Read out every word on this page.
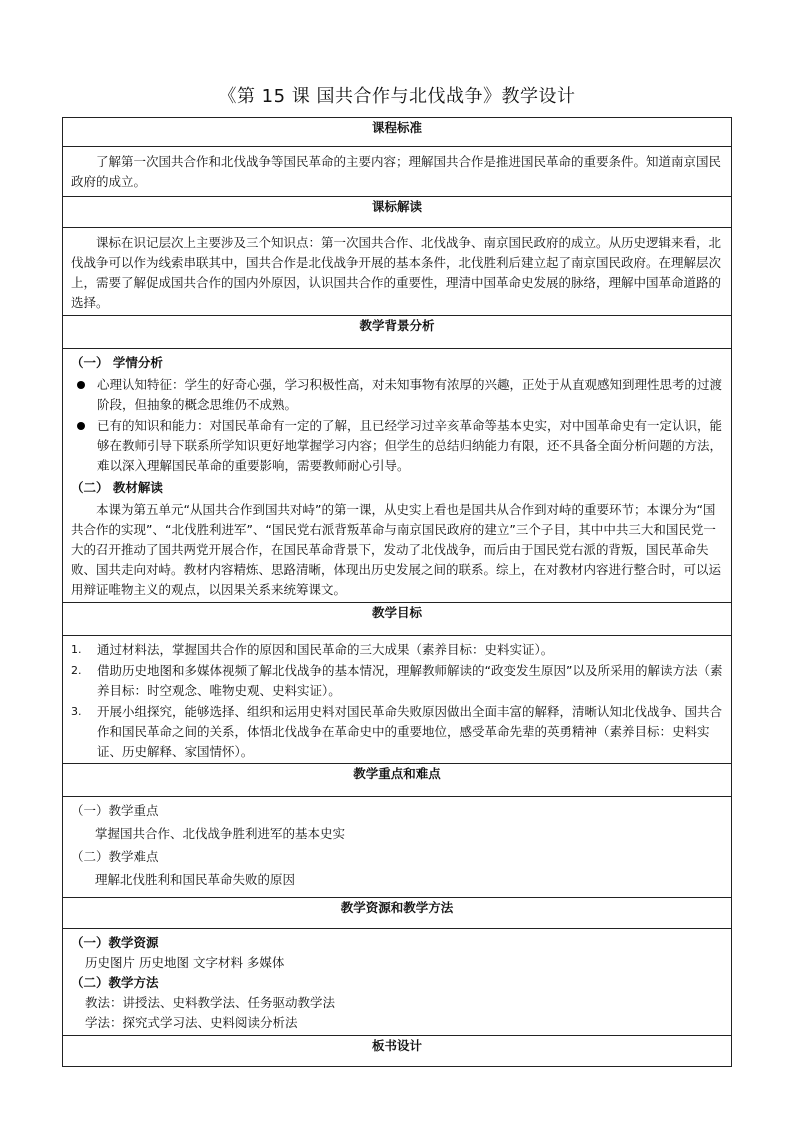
《第 15 课 国共合作与北伐战争》教学设计
课程标准

了解第一次国共合作和北伐战争等国民革命的主要内容；理解国共合作是推进国民革命的重要条件。知道南京国民政府的成立。

课标解读

课标在识记层次上主要涉及三个知识点：第一次国共合作、北伐战争、南京国民政府的成立。从历史逻辑来看，北伐战争可以作为线索串联其中，国共合作是北伐战争开展的基本条件，北伐胜利后建立起了南京国民政府。在理解层次上，需要了解促成国共合作的国内外原因，认识国共合作的重要性，理清中国革命史发展的脉络，理解中国革命道路的选择。

教学背景分析

（一） 学情分析

心理认知特征：学生的好奇心强，学习积极性高，对未知事物有浓厚的兴趣，正处于从直观感知到理性思考的过渡阶段，但抽象的概念思维仍不成熟。
已有的知识和能力：对国民革命有一定的了解，且已经学习过辛亥革命等基本史实，对中国革命史有一定认识，能够在教师引导下联系所学知识更好地掌握学习内容；但学生的总结归纳能力有限，还不具备全面分析问题的方法，难以深入理解国民革命的重要影响，需要教师耐心引导。

（二） 教材解读

本课为第五单元“从国共合作到国共对峙”的第一课，从史实上看也是国共从合作到对峙的重要环节；本课分为“国共合作的实现”、“北伐胜利进军”、“国民党右派背叛革命与南京国民政府的建立”三个子目，其中中共三大和国民党一大的召开推动了国共两党开展合作，在国民革命背景下，发动了北伐战争，而后由于国民党右派的背叛，国民革命失败、国共走向对峙。教材内容精炼、思路清晰，体现出历史发展之间的联系。综上，在对教材内容进行整合时，可以运用辩证唯物主义的观点，以因果关系来统筹课文。

教学目标

1. 通过材料法，掌握国共合作的原因和国民革命的三大成果（素养目标：史料实证）。
2. 借助历史地图和多媒体视频了解北伐战争的基本情况，理解教师解读的“政变发生原因”以及所采用的解读方法（素养目标：时空观念、唯物史观、史料实证）。
3. 开展小组探究，能够选择、组织和运用史料对国民革命失败原因做出全面丰富的解释，清晰认知北伐战争、国共合作和国民革命之间的关系，体悟北伐战争在革命史中的重要地位，感受革命先辈的英勇精神（素养目标：史料实证、历史解释、家国情怀）。

教学重点和难点

（一）教学重点

掌握国共合作、北伐战争胜利进军的基本史实

（二）教学难点

理解北伐胜利和国民革命失败的原因

教学资源和教学方法

（一）教学资源

历史图片 历史地图 文字材料 多媒体

（二）教学方法

教法：讲授法、史料教学法、任务驱动教学法

学法：探究式学习法、史料阅读分析法

板书设计
